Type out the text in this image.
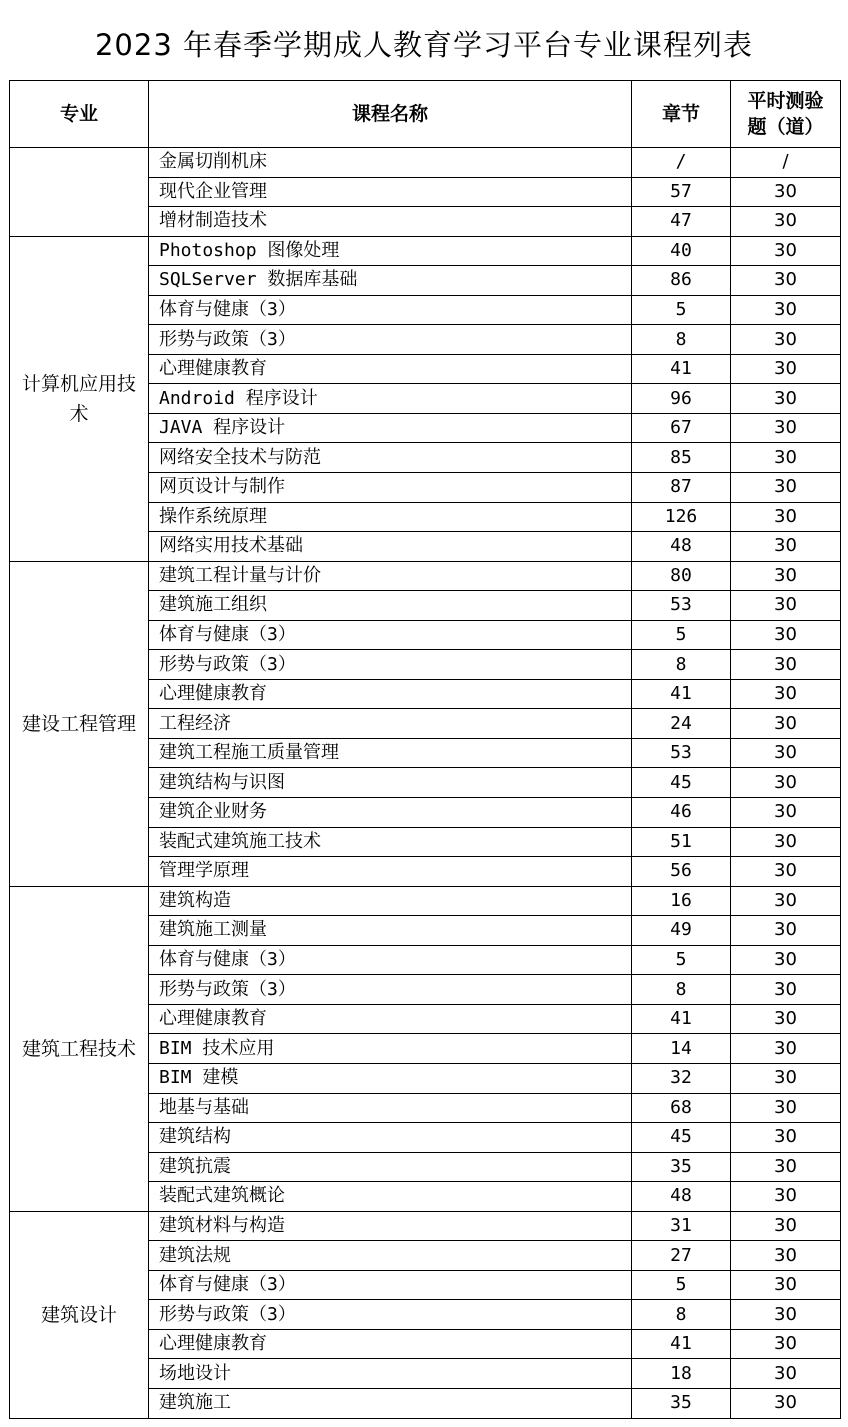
2023 年春季学期成人教育学习平台专业课程列表
专业	课程名称	章节	平时测验题（道）
	金属切削机床	/	/
	现代企业管理	57	30
	增材制造技术	47	30
计算机应用技术	Photoshop 图像处理	40	30
	SQLServer 数据库基础	86	30
	体育与健康（3）	5	30
	形势与政策（3）	8	30
	心理健康教育	41	30
	Android 程序设计	96	30
	JAVA 程序设计	67	30
	网络安全技术与防范	85	30
	网页设计与制作	87	30
	操作系统原理	126	30
	网络实用技术基础	48	30
建设工程管理	建筑工程计量与计价	80	30
	建筑施工组织	53	30
	体育与健康（3）	5	30
	形势与政策（3）	8	30
	心理健康教育	41	30
	工程经济	24	30
	建筑工程施工质量管理	53	30
	建筑结构与识图	45	30
	建筑企业财务	46	30
	装配式建筑施工技术	51	30
	管理学原理	56	30
建筑工程技术	建筑构造	16	30
	建筑施工测量	49	30
	体育与健康（3）	5	30
	形势与政策（3）	8	30
	心理健康教育	41	30
	BIM 技术应用	14	30
	BIM 建模	32	30
	地基与基础	68	30
	建筑结构	45	30
	建筑抗震	35	30
	装配式建筑概论	48	30
建筑设计	建筑材料与构造	31	30
	建筑法规	27	30
	体育与健康（3）	5	30
	形势与政策（3）	8	30
	心理健康教育	41	30
	场地设计	18	30
	建筑施工	35	30
